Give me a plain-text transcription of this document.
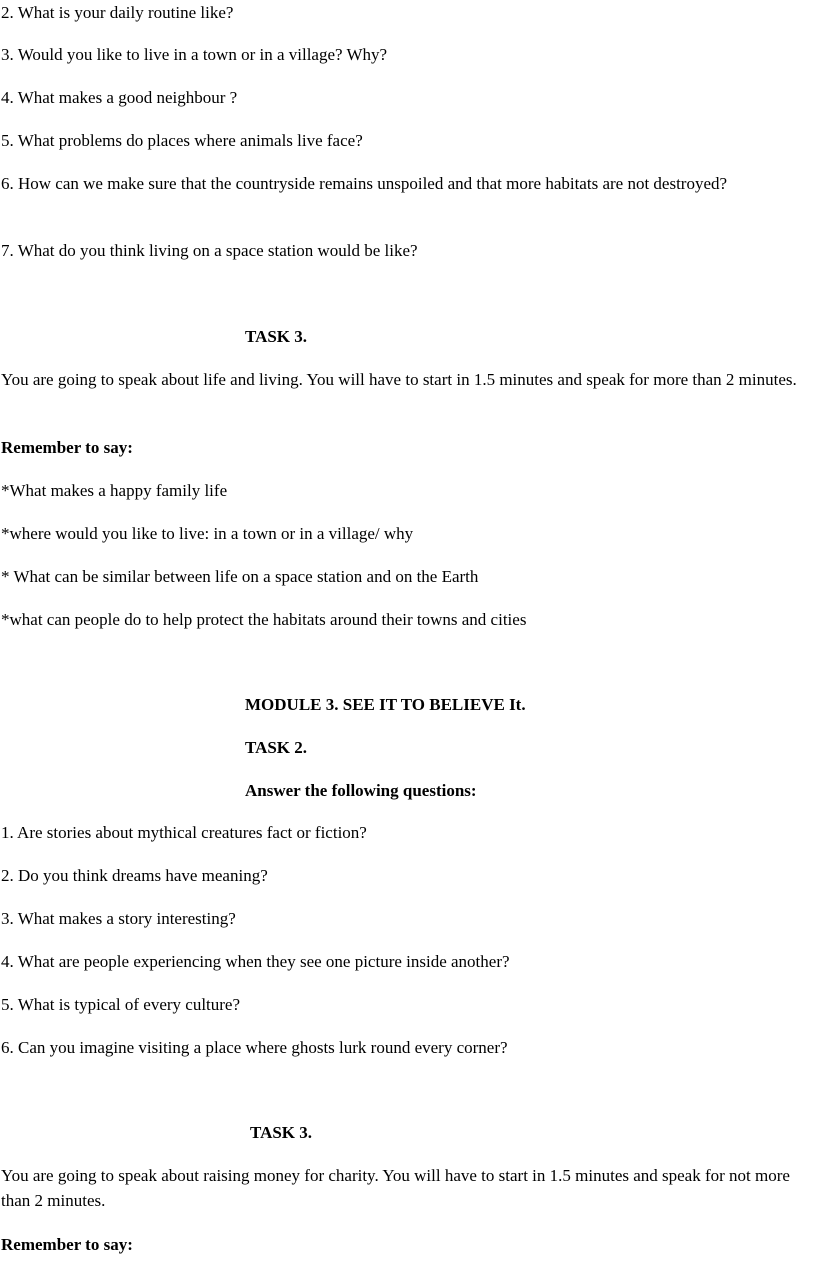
2. What is your daily routine like?

3. Would you like to live in a town or in a village? Why?

4. What makes a good neighbour ?

5. What problems do places where animals live face?

6. How can we make sure that the countryside remains unspoiled and that more habitats are not destroyed?

7. What do you think living on a space station would be like?

TASK 3.

You are going to speak about life and living. You will have to start in 1.5 minutes and speak for more than 2 minutes.

Remember to say:

*What makes a happy family life

*where would you like to live: in a town or in a village/ why

* What can be similar between life on a space station and on the Earth

*what can people do to help protect the habitats around their towns and cities

MODULE 3. SEE IT TO BELIEVE It.

TASK 2.

Answer the following questions:

1. Are stories about mythical creatures fact or fiction?

2. Do you think dreams have meaning?

3. What makes a story interesting?

4. What are people experiencing when they see one picture inside another?

5. What is typical of every culture?

6. Can you imagine visiting a place where ghosts lurk round every corner?

TASK 3.

You are going to speak about raising money for charity. You will have to start in 1.5 minutes and speak for not more than 2 minutes.

Remember to say:
